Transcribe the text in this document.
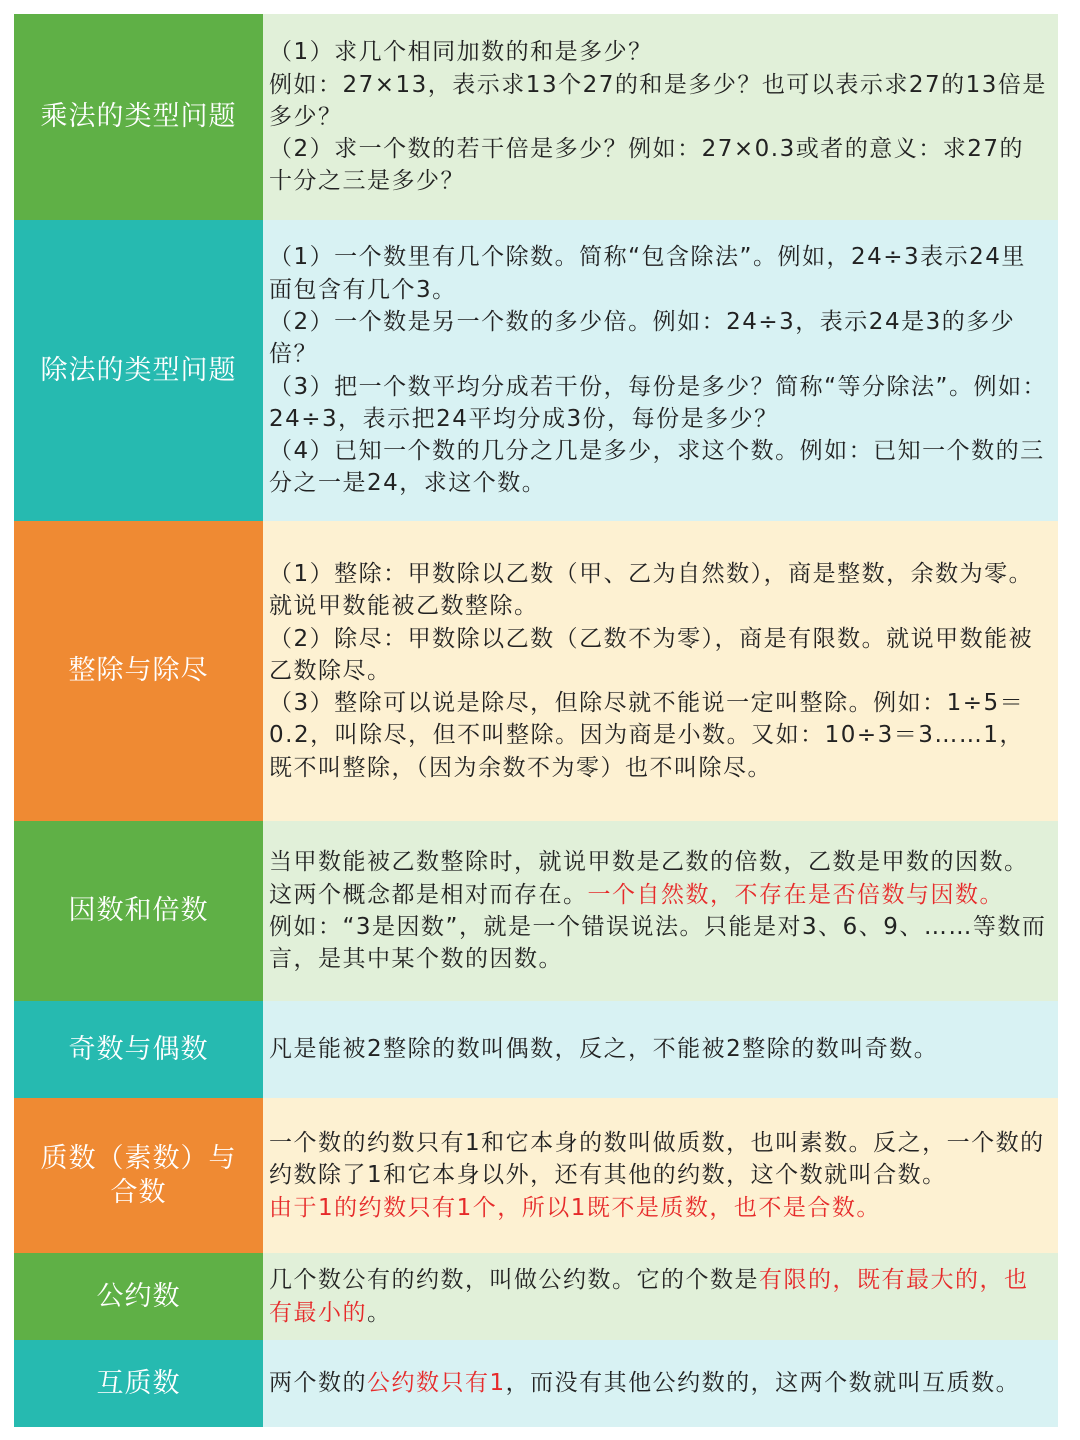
乘法的类型问题

（1）求几个相同加数的和是多少？

例如：27×13，表示求13个27的和是多少？也可以表示求27的13倍是多少？

（2）求一个数的若干倍是多少？例如：27×0.3或者的意义：求27的十分之三是多少？

除法的类型问题

（1）一个数里有几个除数。简称“包含除法”。例如，24÷3表示24里面包含有几个3。

（2）一个数是另一个数的多少倍。例如：24÷3，表示24是3的多少倍？

（3）把一个数平均分成若干份，每份是多少？简称“等分除法”。例如：24÷3，表示把24平均分成3份，每份是多少？

（4）已知一个数的几分之几是多少，求这个数。例如：已知一个数的三分之一是24，求这个数。

整除与除尽

（1）整除：甲数除以乙数（甲、乙为自然数），商是整数，余数为零。就说甲数能被乙数整除。

（2）除尽：甲数除以乙数（乙数不为零），商是有限数。就说甲数能被乙数除尽。

（3）整除可以说是除尽，但除尽就不能说一定叫整除。例如：1÷5＝0.2，叫除尽，但不叫整除。因为商是小数。又如：10÷3＝3……1，既不叫整除，（因为余数不为零）也不叫除尽。

因数和倍数

当甲数能被乙数整除时，就说甲数是乙数的倍数，乙数是甲数的因数。这两个概念都是相对而存在。一个自然数，不存在是否倍数与因数。

例如：“3是因数”，就是一个错误说法。只能是对3、6、9、……等数而言，是其中某个数的因数。

奇数与偶数	凡是能被2整除的数叫偶数，反之，不能被2整除的数叫奇数。

质数（素数）与
合数

一个数的约数只有1和它本身的数叫做质数，也叫素数。反之，一个数的约数除了1和它本身以外，还有其他的约数，这个数就叫合数。

由于1的约数只有1个，所以1既不是质数，也不是合数。

公约数

几个数公有的约数，叫做公约数。它的个数是有限的，既有最大的，也有最小的。

互质数	两个数的公约数只有1，而没有其他公约数的，这两个数就叫互质数。
